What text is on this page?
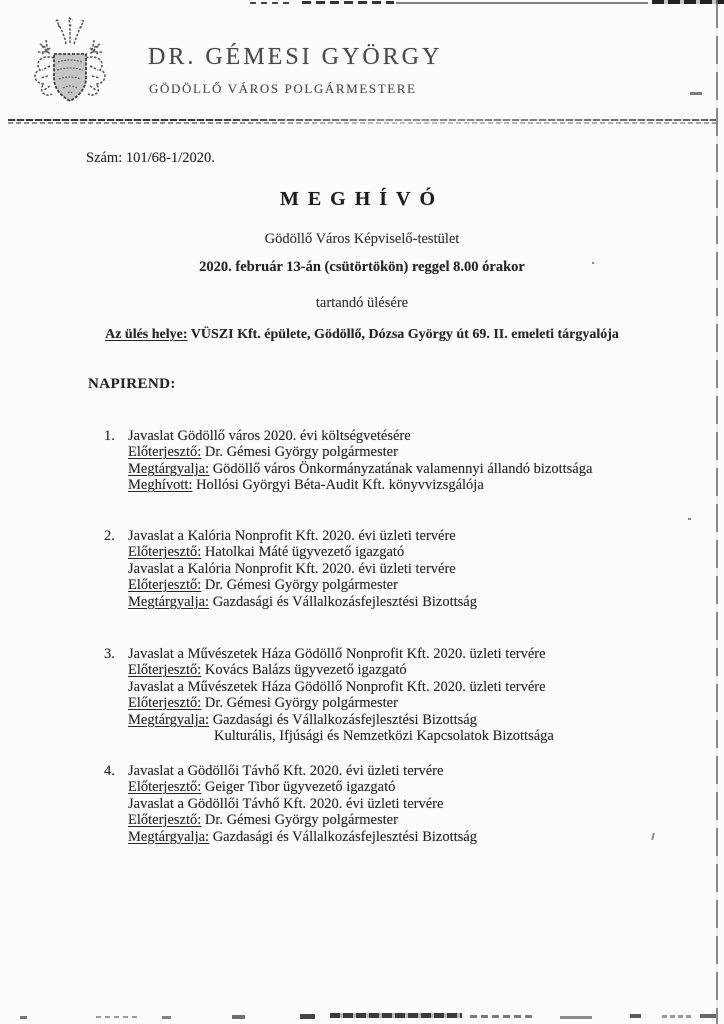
DR. GÉMESI GYÖRGY
GÖDÖLLŐ VÁROS POLGÁRMESTERE
Szám: 101/68-1/2020.
MEGHÍVÓ
Gödöllő Város Képviselő-testület
2020. február 13-án (csütörtökön) reggel 8.00 órakor
tartandó ülésére
Az ülés helye: VÜSZI Kft. épülete, Gödöllő, Dózsa György út 69. II. emeleti tárgyalója
NAPIREND:
1. Javaslat Gödöllő város 2020. évi költségvetésére
Előterjesztő: Dr. Gémesi György polgármester
Megtárgyalja: Gödöllő város Önkormányzatának valamennyi állandó bizottsága
Meghívott: Hollósi Györgyi Béta-Audit Kft. könyvvizsgálója
2. Javaslat a Kalória Nonprofit Kft. 2020. évi üzleti tervére
Előterjesztő: Hatolkai Máté ügyvezető igazgató
Javaslat a Kalória Nonprofit Kft. 2020. évi üzleti tervére
Előterjesztő: Dr. Gémesi György polgármester
Megtárgyalja: Gazdasági és Vállalkozásfejlesztési Bizottság
3. Javaslat a Művészetek Háza Gödöllő Nonprofit Kft. 2020. üzleti tervére
Előterjesztő: Kovács Balázs ügyvezető igazgató
Javaslat a Művészetek Háza Gödöllő Nonprofit Kft. 2020. üzleti tervére
Előterjesztő: Dr. Gémesi György polgármester
Megtárgyalja: Gazdasági és Vállalkozásfejlesztési Bizottság
Kulturális, Ifjúsági és Nemzetközi Kapcsolatok Bizottsága
4. Javaslat a Gödöllői Távhő Kft. 2020. évi üzleti tervére
Előterjesztő: Geiger Tibor ügyvezető igazgató
Javaslat a Gödöllői Távhő Kft. 2020. évi üzleti tervére
Előterjesztő: Dr. Gémesi György polgármester
Megtárgyalja: Gazdasági és Vállalkozásfejlesztési Bizottság
